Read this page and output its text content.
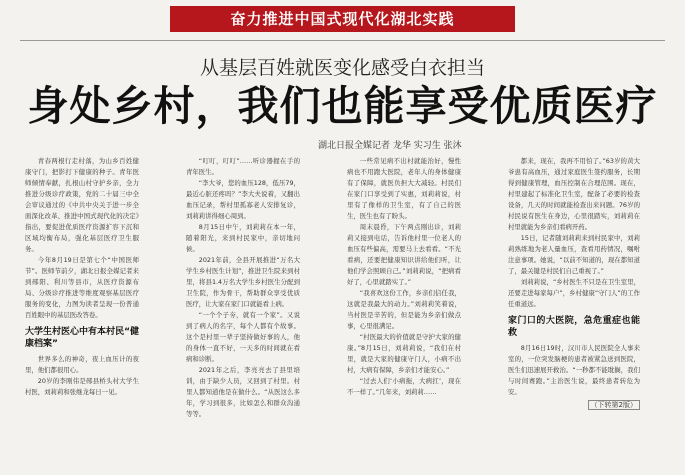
奋力推进中国式现代化湖北实践
从基层百姓就医变化感受白衣担当
身处乡村，我们也能享受优质医疗
湖北日报全媒记者 龙华 实习生 张沐

青春两根行走村落，为山乡百姓健康守门，把影打下健康的种子。青年医师倾情奉献，扎根山村守护乡亲，全力推进分级诊疗政策，党的二十届三中全会审议通过的《中共中央关于进一步全面深化改革、推进中国式现代化的决定》指出，要促进优质医疗资源扩容下沉和区域均衡布局，强化基层医疗卫生服务。

今年8月19日是第七个“中国医师节”。医师节前夕，湖北日报全媒记者来到郧阳、利川等县市，从医疗资源布局、分级诊疗推进等维度观察基层医疗服务的变化，力图为读者呈现一份普通百姓眼中的基层医改答卷。

大学生村医心中有本村民“健康档案”

世界多么的神奇，夜上血压计的夜里，他们都很用心。

20岁的李刚伟是郧县桥头村大学生村医，刘莉莉和张继龙每日一见。

“叮叮，叮叮”……听诊器握在手的青年医生。

“李大爷，您的血压128，低压79，最近心脏还疼吗？”李大夫说着，又翻出血压记录，帮村里孤寡老人安排复诊，刘莉莉讲得细心周到。

8月15日中午，刘莉莉在本一年，随着阳光，来到村民家中，亲切地问候。

2021年前，全县开展推进“万名大学生乡村医生计划”，推进卫生院来到村里，将县1.4万名大学生乡村医生分配到卫生院，作为骨干，帮助群众享受优质医疗，让大家在家门口就能看上病。

“一个个子夯，就有一个家”。又说到了病人的名字，每个人都有个故事。这个是村里一辈子坚持做好事的人，他的身体一直不好，一天多的时间就在看病和诊断。

2021年之后，李亮亮去了县里培训，由于缺少人员，又回到了村里。村里人都知道他是在做什么。“从医这么多年，学习到很多，比如怎么和群众沟通等等。

一些常见病不出村就能治好，慢性病也不用跑大医院，老年人的身体健康有了保障，就医负担大大减轻。村民们在家门口享受到了实惠，刘莉莉说，村里有了像样的卫生室，有了自己的医生，医生也有了盼头。

周末晨昏，下午两点刚出诊，刘莉莉又接到电话，告诉他村里一位老人的血压有些偏高，需要马上去看看。“不光看病，还要把健康知识讲给他们听，让他们学会照顾自己。”刘莉莉说，“把病看好了，心里就踏实了。”

“我喜欢这份工作，乡亲们信任我，这就是我最大的动力。”刘莉莉笑着说，当村医是辛苦的，但是能为乡亲们做点事，心里很满足。

“村医最大的价值就是守护大家的健康。”8月15日，刘莉莉说，“我们在村里，就是大家的健康守门人，小病不出村，大病有保障，乡亲们才能安心。”

“过去人们‘小病拖，大病扛’，现在不一样了。”几年来，刘莉莉……

都来，现在，我再不用怕了。”63岁的黄大爷患有高血压，通过家庭医生签约服务，长期得到健康管理，血压控制在合理范围。现在，村里建起了标准化卫生室，配备了必要的检查设备，几天的时间就能检查出来问题。76岁的村民说有医生在身边，心里很踏实，刘莉莉在村里就能为乡亲们看病开药。

15日，记者随刘莉莉来到村民家中，刘莉莉熟练地为老人量血压，查看用药情况，嘱咐注意事项。她说，“以前不知道的，现在都知道了，最关键是村民们自己重视了。”

刘莉莉说，“乡村医生不只是在卫生室里，还要走进每家每户”，乡村健康“守门人”的工作任重道远。

家门口的大医院，急危重症也能救

8月16日19时，汉川市人民医院全人事来室的，一位突发脑梗的患者被紧急送到医院，医生们迅速展开救治。“一秒都不能耽搁，我们与时间赛跑。”主治医生说，最终患者转危为安。

（下转第2版）
